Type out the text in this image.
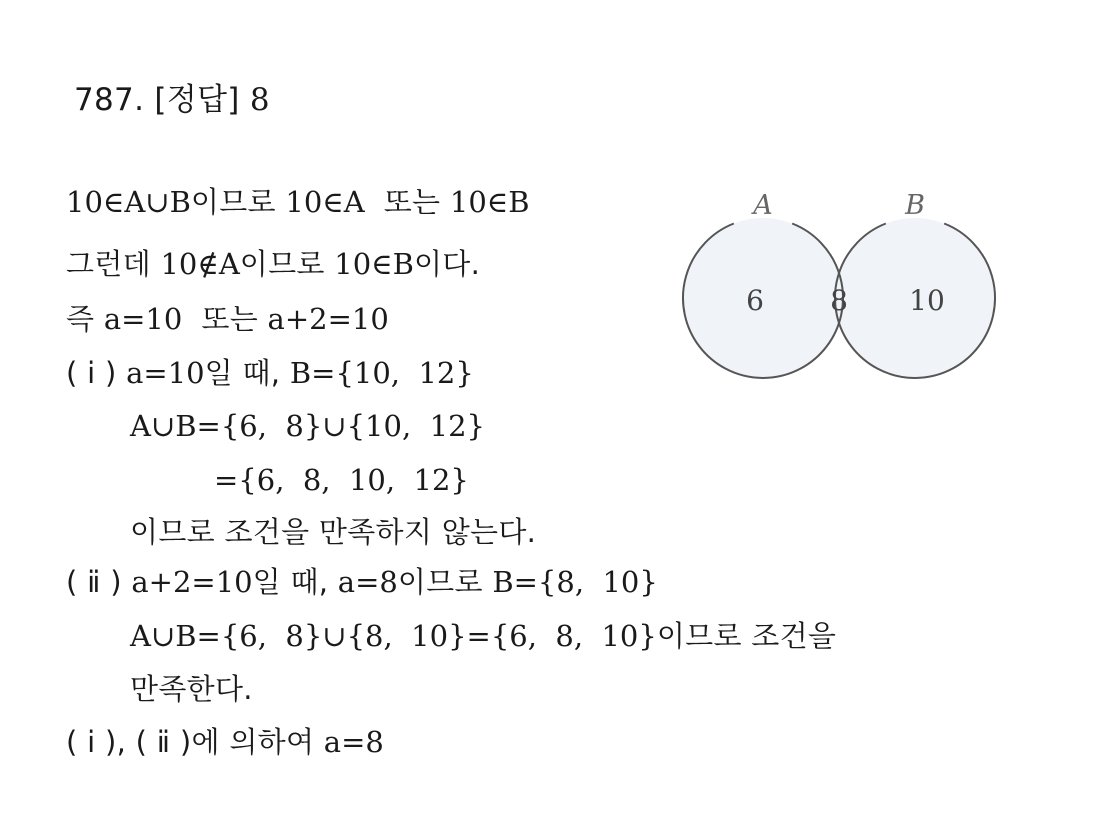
787. [정답] 8
10∈A∪B이므로 10∈A  또는 10∈B
그런데 10∉A이므로 10∈B이다.
즉 a=10  또는 a+2=10
( ⅰ ) a=10일 때, B={10,  12}
A∪B={6,  8}∪{10,  12}
={6,  8,  10,  12}
이므로 조건을 만족하지 않는다.
( ⅱ ) a+2=10일 때, a=8이므로 B={8,  10}
A∪B={6,  8}∪{8,  10}={6,  8,  10}이므로 조건을
만족한다.
( ⅰ ), ( ⅱ )에 의하여 a=8
A	B
6 8 10
